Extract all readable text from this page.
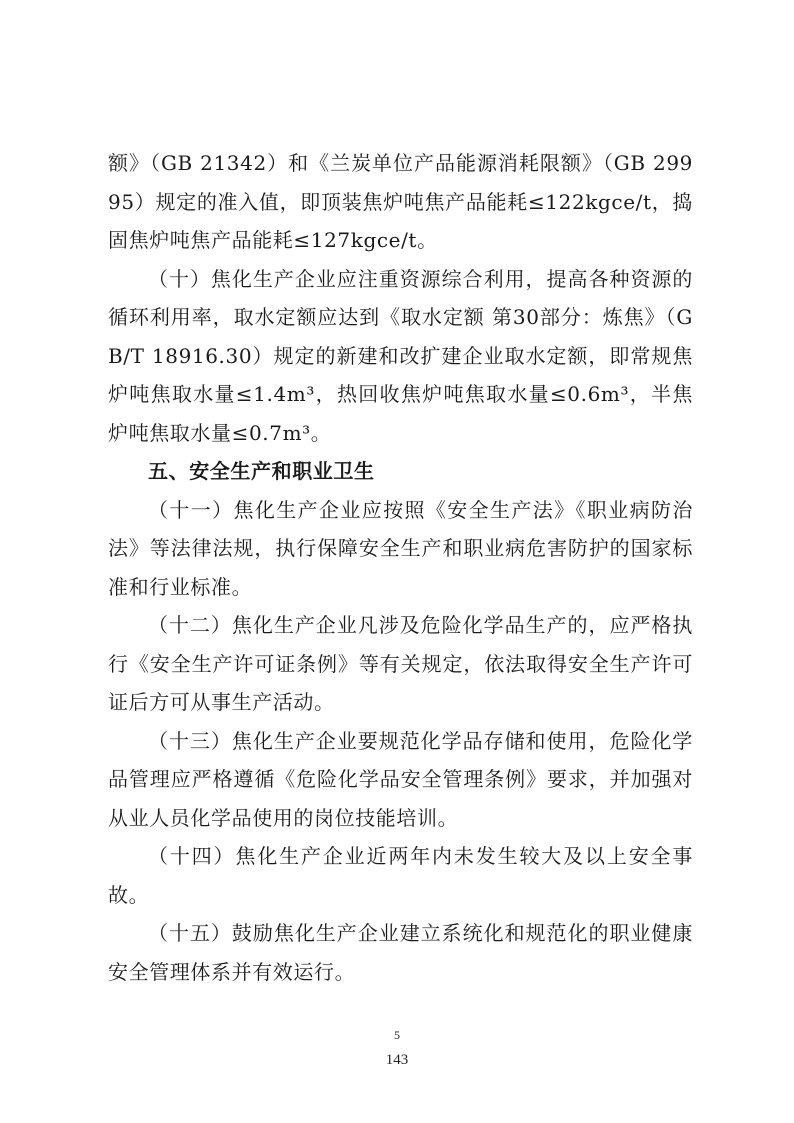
额》（GB 21342）和《兰炭单位产品能源消耗限额》（GB 29995）规定的准入值，即顶装焦炉吨焦产品能耗≤122kgce/t，捣固焦炉吨焦产品能耗≤127kgce/t。

（十）焦化生产企业应注重资源综合利用，提高各种资源的循环利用率，取水定额应达到《取水定额 第30部分：炼焦》（GB/T 18916.30）规定的新建和改扩建企业取水定额，即常规焦炉吨焦取水量≤1.4m³，热回收焦炉吨焦取水量≤0.6m³，半焦炉吨焦取水量≤0.7m³。

五、安全生产和职业卫生

（十一）焦化生产企业应按照《安全生产法》《职业病防治法》等法律法规，执行保障安全生产和职业病危害防护的国家标准和行业标准。

（十二）焦化生产企业凡涉及危险化学品生产的，应严格执行《安全生产许可证条例》等有关规定，依法取得安全生产许可证后方可从事生产活动。

（十三）焦化生产企业要规范化学品存储和使用，危险化学品管理应严格遵循《危险化学品安全管理条例》要求，并加强对从业人员化学品使用的岗位技能培训。

（十四）焦化生产企业近两年内未发生较大及以上安全事故。

（十五）鼓励焦化生产企业建立系统化和规范化的职业健康安全管理体系并有效运行。

5
143
